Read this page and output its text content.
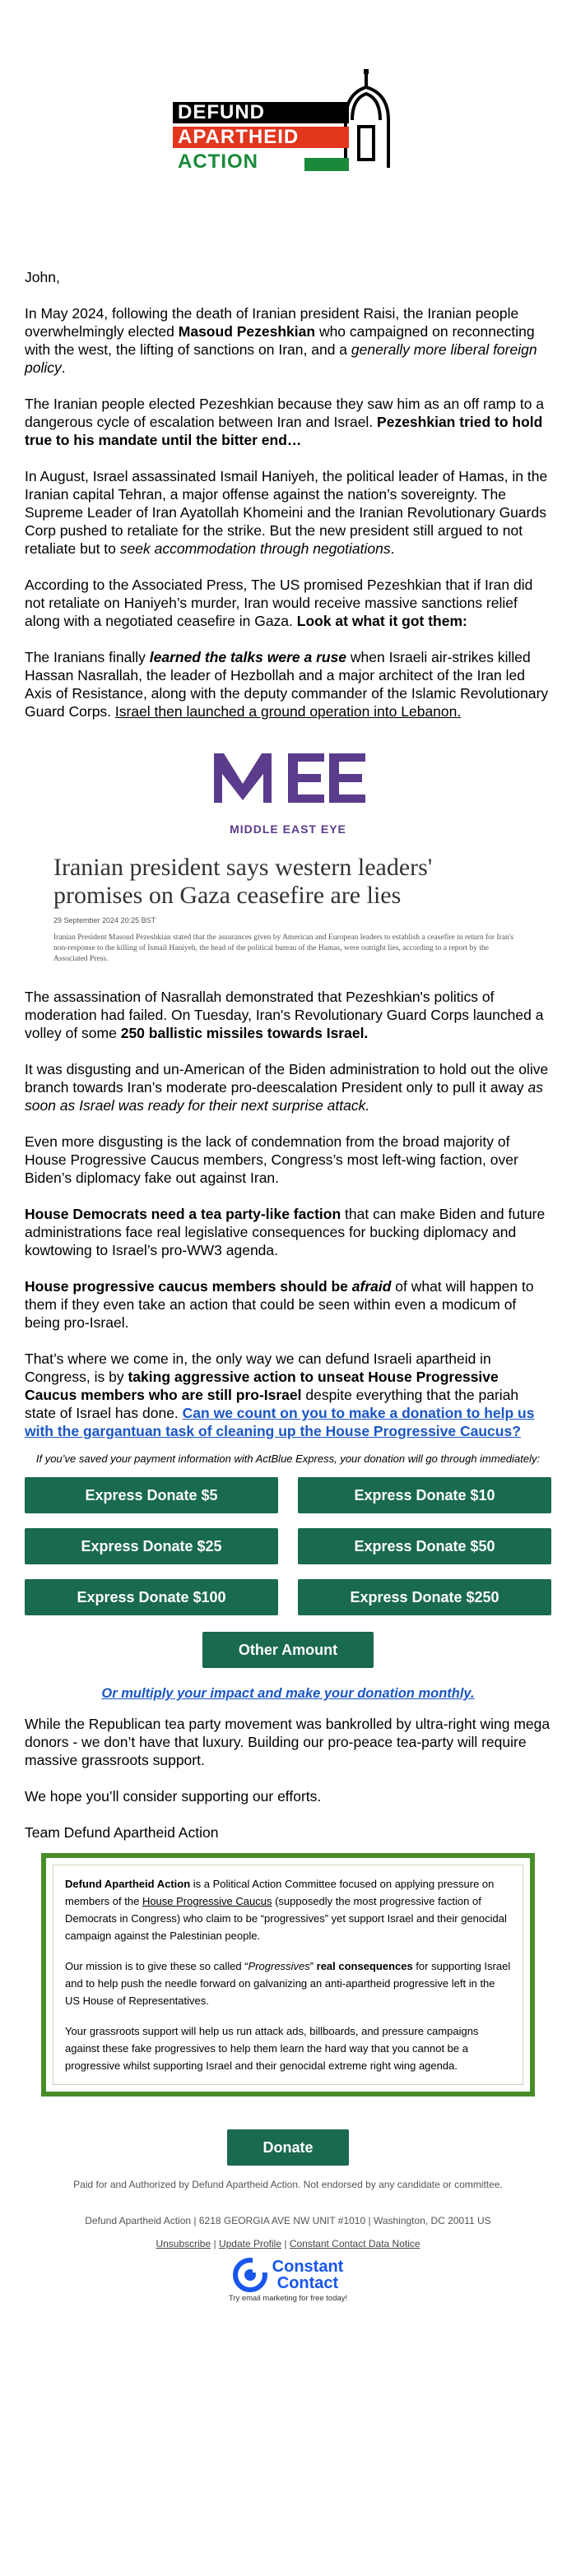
DEFUND
APARTHEID
ACTION

John,

In May 2024, following the death of Iranian president Raisi, the Iranian people overwhelmingly elected Masoud Pezeshkian who campaigned on reconnecting with the west, the lifting of sanctions on Iran, and a generally more liberal foreign policy.

The Iranian people elected Pezeshkian because they saw him as an off ramp to a dangerous cycle of escalation between Iran and Israel. Pezeshkian tried to hold true to his mandate until the bitter end…

In August, Israel assassinated Ismail Haniyeh, the political leader of Hamas, in the Iranian capital Tehran, a major offense against the nation’s sovereignty. The Supreme Leader of Iran Ayatollah Khomeini and the Iranian Revolutionary Guards Corp pushed to retaliate for the strike. But the new president still argued to not retaliate but to seek accommodation through negotiations.

According to the Associated Press, The US promised Pezeshkian that if Iran did not retaliate on Haniyeh’s murder, Iran would receive massive sanctions relief along with a negotiated ceasefire in Gaza. Look at what it got them:

The Iranians finally learned the talks were a ruse when Israeli air-strikes killed Hassan Nasrallah, the leader of Hezbollah and a major architect of the Iran led Axis of Resistance, along with the deputy commander of the Islamic Revolutionary Guard Corps. Israel then launched a ground operation into Lebanon.

MIDDLE EAST EYE
Iranian president says western leaders' promises on Gaza ceasefire are lies
29 September 2024 20:25 BST
Iranian President Masoud Pezeshkian stated that the assurances given by American and European leaders to establish a ceasefire in return for Iran's non-response to the killing of Ismail Haniyeh, the head of the political bureau of the Hamas, were outright lies, according to a report by the Associated Press.

The assassination of Nasrallah demonstrated that Pezeshkian's politics of moderation had failed. On Tuesday, Iran's Revolutionary Guard Corps launched a volley of some 250 ballistic missiles towards Israel.

It was disgusting and un-American of the Biden administration to hold out the olive branch towards Iran’s moderate pro-deescalation President only to pull it away as soon as Israel was ready for their next surprise attack.

Even more disgusting is the lack of condemnation from the broad majority of House Progressive Caucus members, Congress’s most left-wing faction, over Biden’s diplomacy fake out against Iran.

House Democrats need a tea party-like faction that can make Biden and future administrations face real legislative consequences for bucking diplomacy and kowtowing to Israel’s pro-WW3 agenda.

House progressive caucus members should be afraid of what will happen to them if they even take an action that could be seen within even a modicum of being pro-Israel.

That’s where we come in, the only way we can defund Israeli apartheid in Congress, is by taking aggressive action to unseat House Progressive Caucus members who are still pro-Israel despite everything that the pariah state of Israel has done. Can we count on you to make a donation to help us with the gargantuan task of cleaning up the House Progressive Caucus?

If you’ve saved your payment information with ActBlue Express, your donation will go through immediately:

Express Donate $5	Express Donate $10
Express Donate $25	Express Donate $50
Express Donate $100	Express Donate $250
Other Amount

Or multiply your impact and make your donation monthly.

While the Republican tea party movement was bankrolled by ultra-right wing mega donors - we don’t have that luxury. Building our pro-peace tea-party will require massive grassroots support.

We hope you’ll consider supporting our efforts.

Team Defund Apartheid Action

Defund Apartheid Action is a Political Action Committee focused on applying pressure on members of the House Progressive Caucus (supposedly the most progressive faction of Democrats in Congress) who claim to be “progressives” yet support Israel and their genocidal campaign against the Palestinian people.

Our mission is to give these so called “Progressives” real consequences for supporting Israel and to help push the needle forward on galvanizing an anti-apartheid progressive left in the US House of Representatives.

Your grassroots support will help us run attack ads, billboards, and pressure campaigns against these fake progressives to help them learn the hard way that you cannot be a progressive whilst supporting Israel and their genocidal extreme right wing agenda.

Donate
Paid for and Authorized by Defund Apartheid Action. Not endorsed by any candidate or committee.
Defund Apartheid Action | 6218 GEORGIA AVE NW UNIT #1010 | Washington, DC 20011 US
Unsubscribe | Update Profile | Constant Contact Data Notice
Constant
Contact
Try email marketing for free today!
